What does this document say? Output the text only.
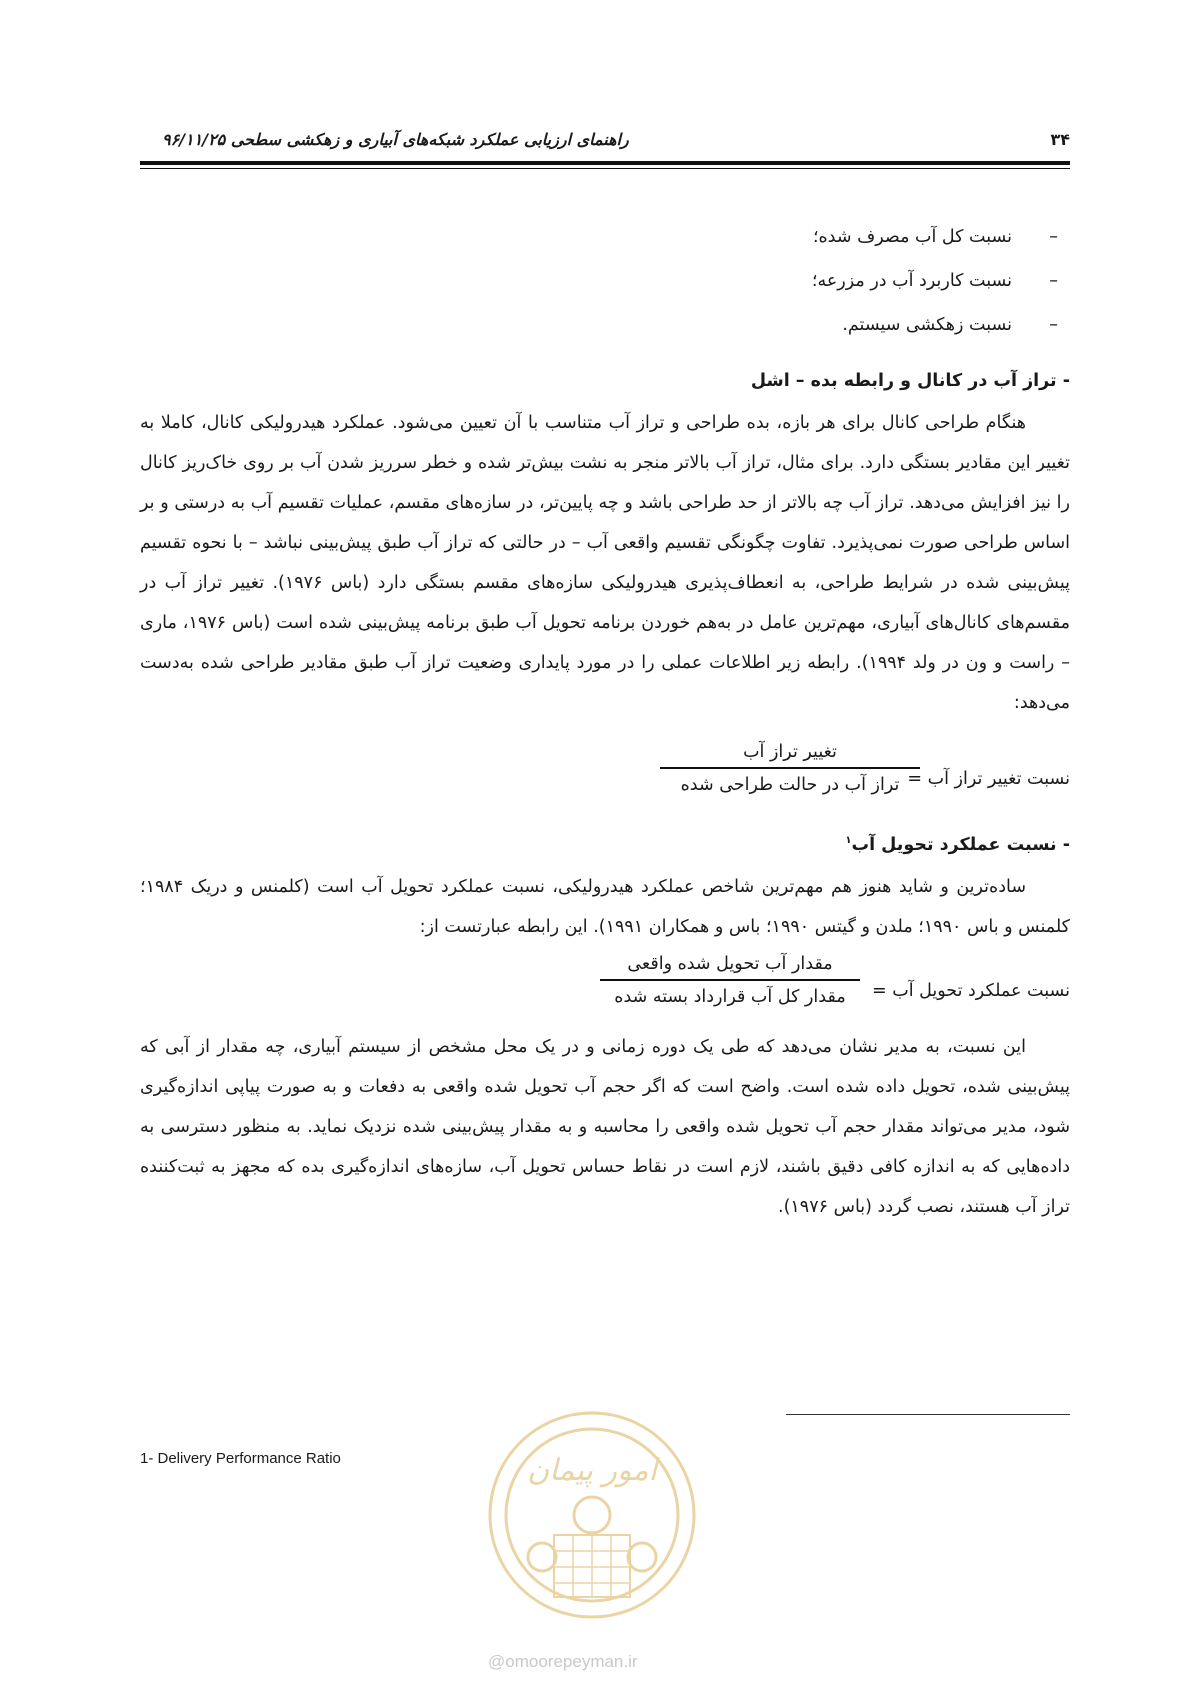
۳۴
راهنمای ارزیابی عملکرد شبکه‌های آبیاری و زهکشی سطحی ۹۶/۱۱/۲۵
– نسبت کل آب مصرف شده؛
– نسبت کاربرد آب در مزرعه؛
– نسبت زهکشی سیستم.
- تراز آب در کانال و رابطه بده – اشل

هنگام طراحی کانال برای هر بازه، بده طراحی و تراز آب متناسب با آن تعیین می‌شود. عملکرد هیدرولیکی کانال، کاملا به تغییر این مقادیر بستگی دارد. برای مثال، تراز آب بالاتر منجر به نشت بیش‌تر شده و خطر سرریز شدن آب بر روی خاک‌ریز کانال را نیز افزایش می‌دهد. تراز آب چه بالاتر از حد طراحی باشد و چه پایین‌تر، در سازه‌های مقسم، عملیات تقسیم آب به درستی و بر اساس طراحی صورت نمی‌پذیرد. تفاوت چگونگی تقسیم واقعی آب – در حالتی که تراز آب طبق پیش‌بینی نباشد – با نحوه تقسیم پیش‌بینی شده در شرایط طراحی، به انعطاف‌پذیری هیدرولیکی سازه‌های مقسم بستگی دارد (باس ۱۹۷۶). تغییر تراز آب در مقسم‌های کانال‌های آبیاری، مهم‌ترین عامل در به‌هم خوردن برنامه تحویل آب طبق برنامه پیش‌بینی شده است (باس ۱۹۷۶، ماری – راست و ون در ولد ۱۹۹۴). رابطه زیر اطلاعات عملی را در مورد پایداری وضعیت تراز آب طبق مقادیر طراحی شده به‌دست می‌دهد:

نسبت تغییر تراز آب =
تغییر تراز آب
تراز آب در حالت طراحی شده
- نسبت عملکرد تحویل آب$^۱$

ساده‌ترین و شاید هنوز هم مهم‌ترین شاخص عملکرد هیدرولیکی، نسبت عملکرد تحویل آب است (کلمنس و دریک ۱۹۸۴؛ کلمنس و باس ۱۹۹۰؛ ملدن و گیتس ۱۹۹۰؛ باس و همکاران ۱۹۹۱). این رابطه عبارتست از:

نسبت عملکرد تحویل آب =
مقدار آب تحویل شده واقعی
مقدار کل آب قرارداد بسته شده

این نسبت، به مدیر نشان می‌دهد که طی یک دوره زمانی و در یک محل مشخص از سیستم آبیاری، چه مقدار از آبی که پیش‌بینی شده، تحویل داده شده است. واضح است که اگر حجم آب تحویل شده واقعی به دفعات و به صورت پیاپی اندازه‌گیری شود، مدیر می‌تواند مقدار حجم آب تحویل شده واقعی را محاسبه و به مقدار پیش‌بینی شده نزدیک نماید. به منظور دسترسی به داده‌هایی که به اندازه کافی دقیق باشند، لازم است در نقاط حساس تحویل آب، سازه‌های اندازه‌گیری بده که مجهز به ثبت‌کننده تراز آب هستند، نصب گردد (باس ۱۹۷۶).

1- Delivery Performance Ratio	امور پیمان
@omoorepeyman.ir
